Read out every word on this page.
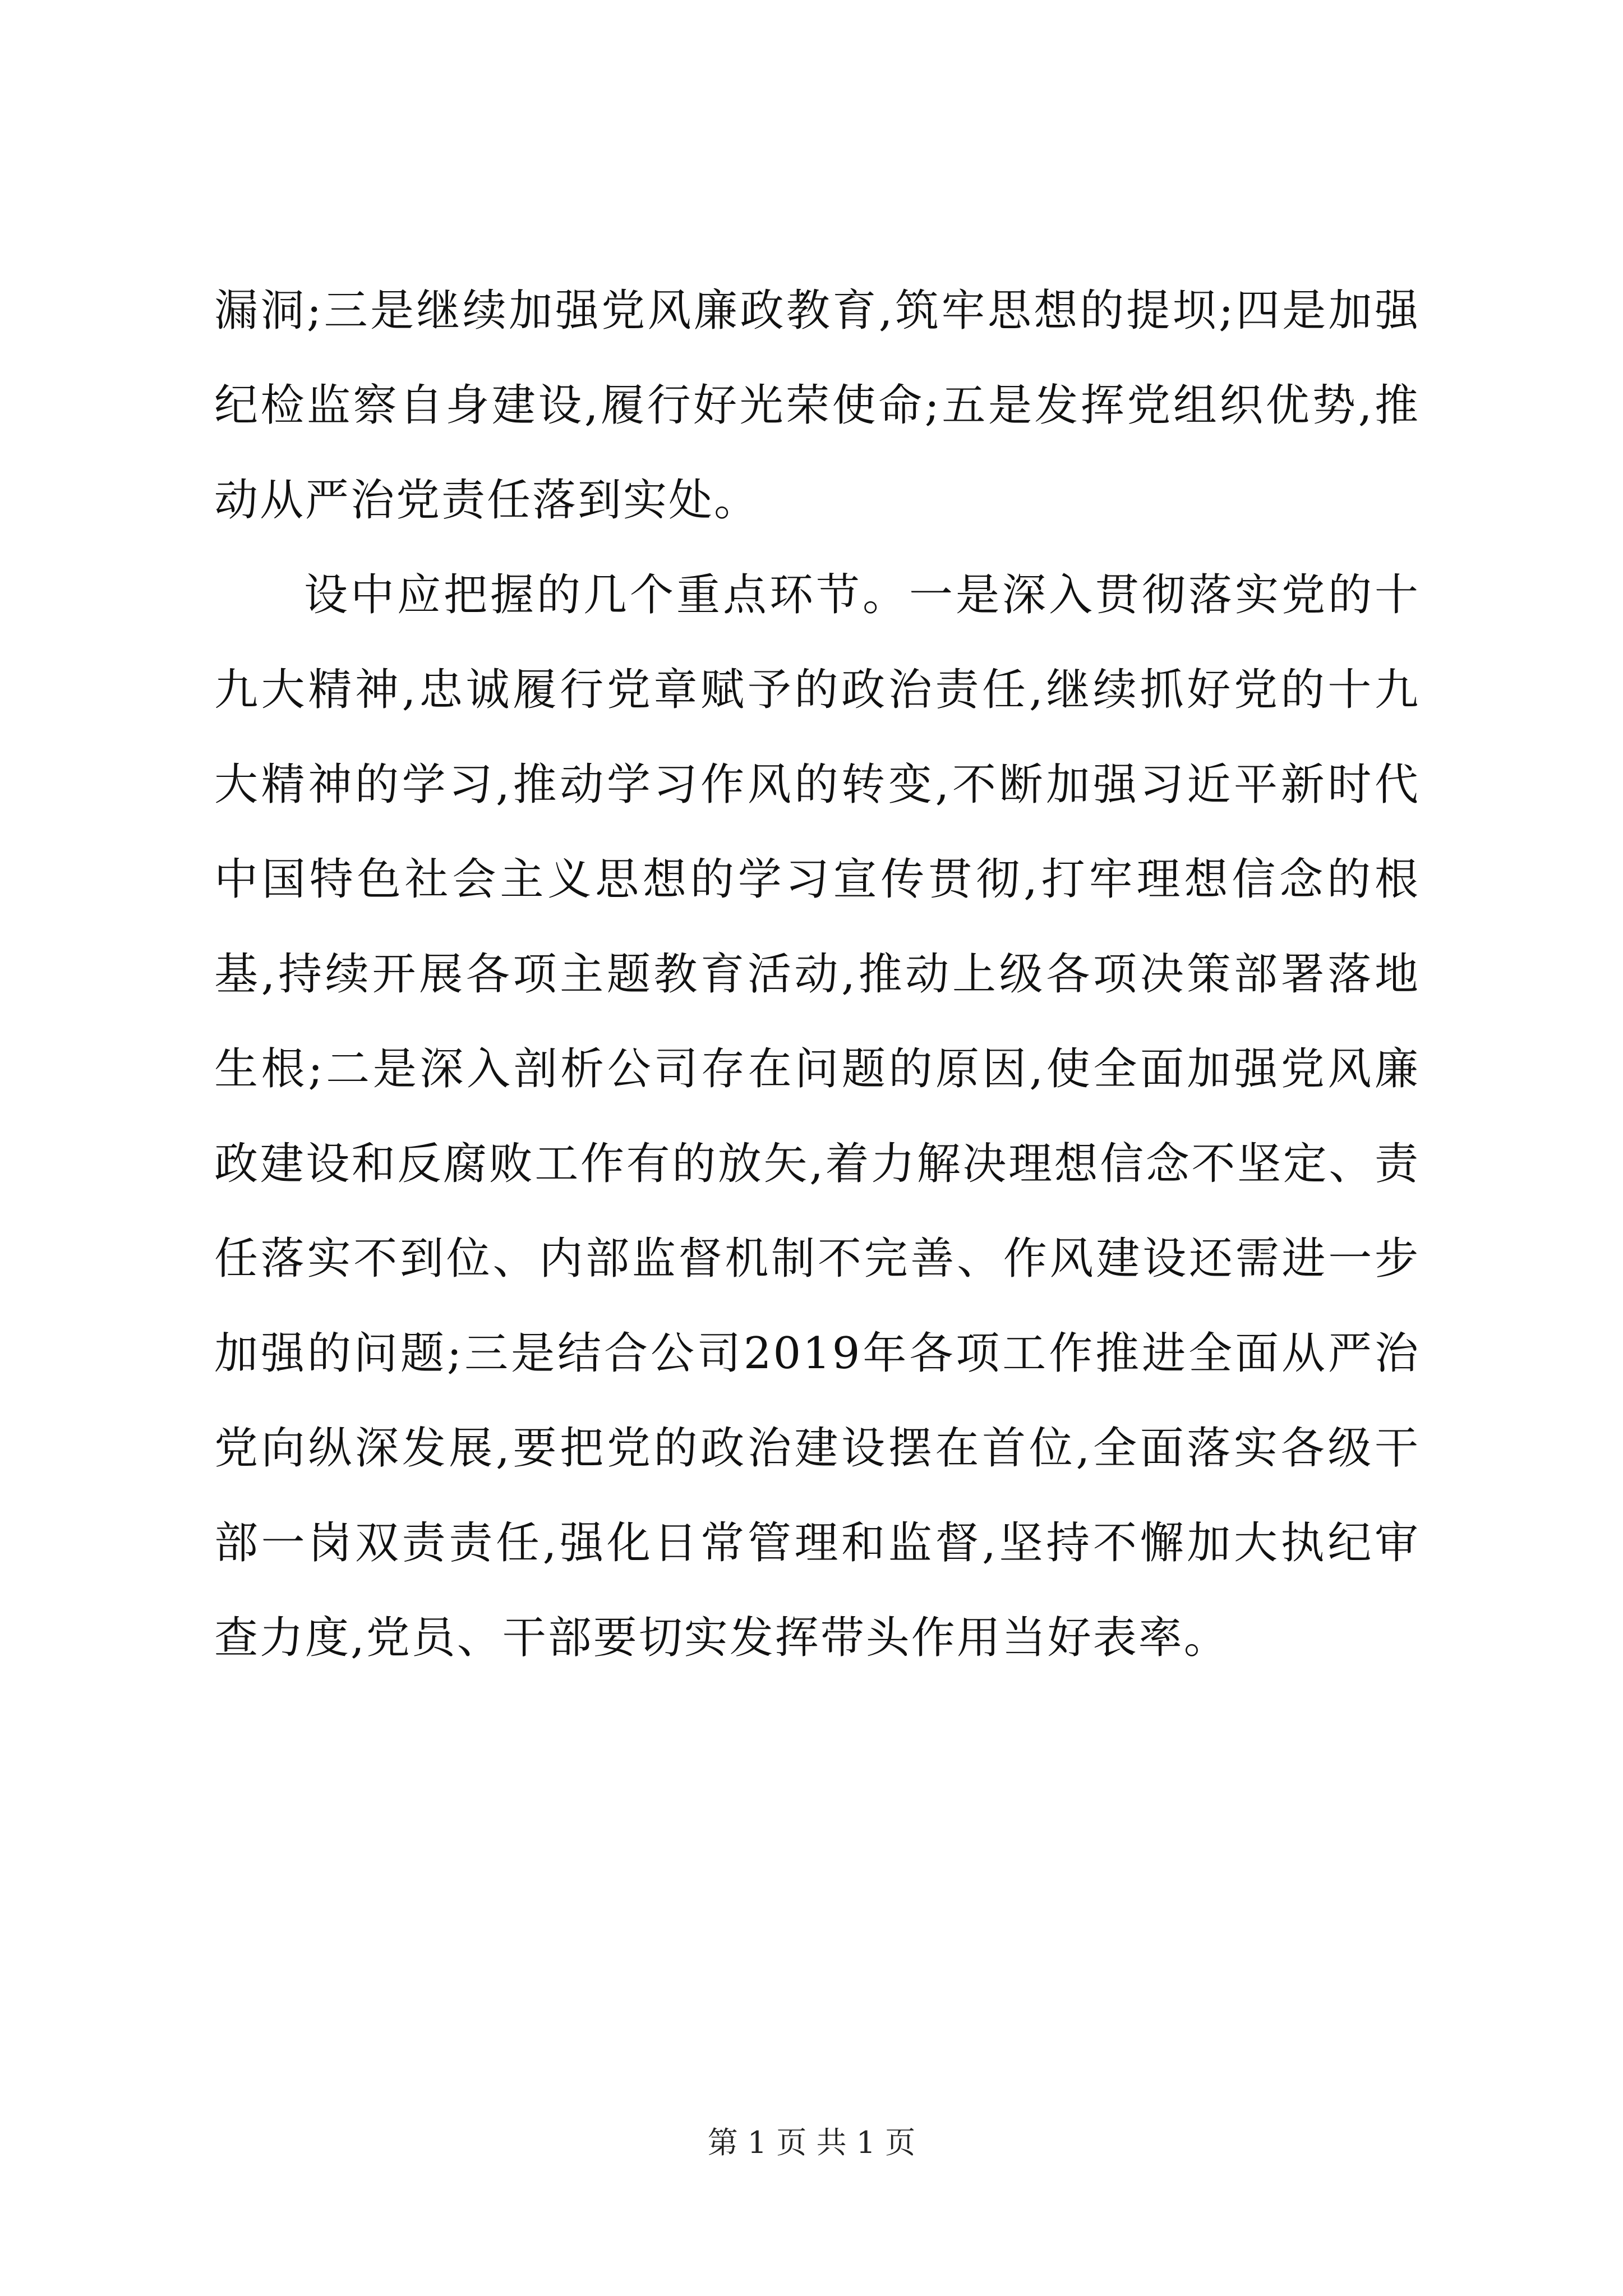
漏洞;三是继续加强党风廉政教育,筑牢思想的提坝;四是加强纪检监察自身建设,履行好光荣使命;五是发挥党组织优势,推动从严治党责任落到实处。

设中应把握的几个重点环节。一是深入贯彻落实党的十九大精神,忠诚履行党章赋予的政治责任,继续抓好党的十九大精神的学习,推动学习作风的转变,不断加强习近平新时代中国特色社会主义思想的学习宣传贯彻,打牢理想信念的根基,持续开展各项主题教育活动,推动上级各项决策部署落地生根;二是深入剖析公司存在问题的原因,使全面加强党风廉政建设和反腐败工作有的放矢,着力解决理想信念不坚定、责任落实不到位、内部监督机制不完善、作风建设还需进一步加强的问题;三是结合公司2019年各项工作推进全面从严治党向纵深发展,要把党的政治建设摆在首位,全面落实各级干部一岗双责责任,强化日常管理和监督,坚持不懈加大执纪审查力度,党员、干部要切实发挥带头作用当好表率。

第 1 页 共 1 页
